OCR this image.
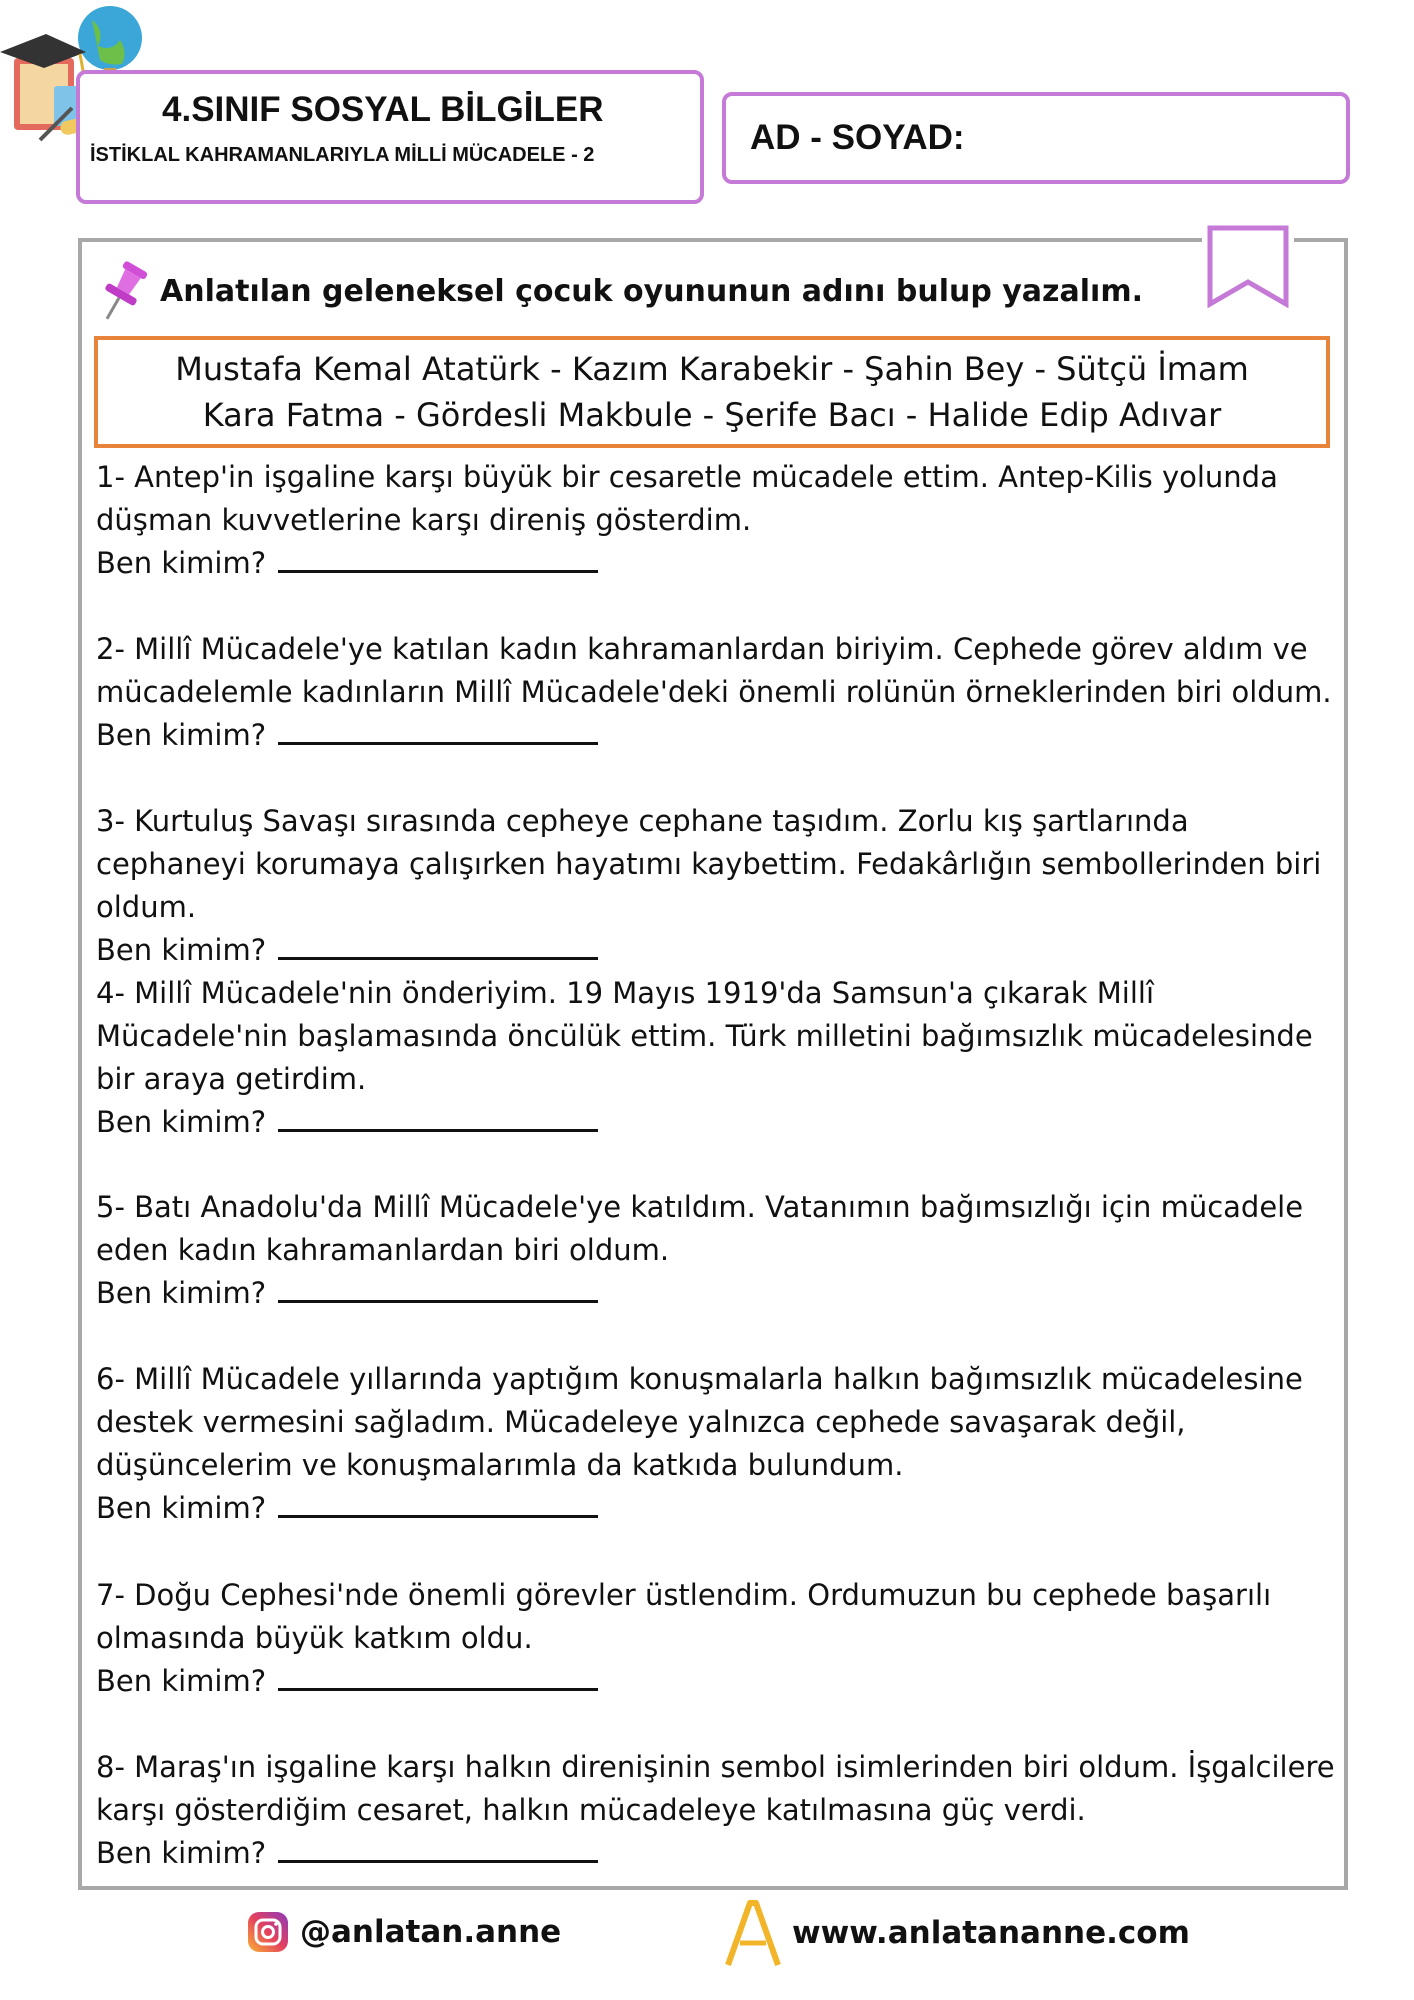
4.SINIF SOSYAL BİLGİLER
İSTİKLAL KAHRAMANLARIYLA MİLLİ MÜCADELE - 2	AD - SOYAD:
Anlatılan geleneksel çocuk oyununun adını bulup yazalım.
Mustafa Kemal Atatürk - Kazım Karabekir - Şahin Bey - Sütçü İmam
Kara Fatma - Gördesli Makbule - Şerife Bacı - Halide Edip Adıvar
1- Antep'in işgaline karşı büyük bir cesaretle mücadele ettim. Antep-Kilis yolunda düşman kuvvetlerine karşı direniş gösterdim.
Ben kimim?
2- Millî Mücadele'ye katılan kadın kahramanlardan biriyim. Cephede görev aldım ve mücadelemle kadınların Millî Mücadele'deki önemli rolünün örneklerinden biri oldum.
Ben kimim?
3- Kurtuluş Savaşı sırasında cepheye cephane taşıdım. Zorlu kış şartlarında cephaneyi korumaya çalışırken hayatımı kaybettim. Fedakârlığın sembollerinden biri oldum.
Ben kimim?
4- Millî Mücadele'nin önderiyim. 19 Mayıs 1919'da Samsun'a çıkarak Millî Mücadele'nin başlamasında öncülük ettim. Türk milletini bağımsızlık mücadelesinde bir araya getirdim.
Ben kimim?
5- Batı Anadolu'da Millî Mücadele'ye katıldım. Vatanımın bağımsızlığı için mücadele eden kadın kahramanlardan biri oldum.
Ben kimim?
6- Millî Mücadele yıllarında yaptığım konuşmalarla halkın bağımsızlık mücadelesine destek vermesini sağladım. Mücadeleye yalnızca cephede savaşarak değil, düşüncelerim ve konuşmalarımla da katkıda bulundum.
Ben kimim?
7- Doğu Cephesi'nde önemli görevler üstlendim. Ordumuzun bu cephede başarılı olmasında büyük katkım oldu.
Ben kimim?
8- Maraş'ın işgaline karşı halkın direnişinin sembol isimlerinden biri oldum. İşgalcilere karşı gösterdiğim cesaret, halkın mücadeleye katılmasına güç verdi.
Ben kimim?
@anlatan.anne	www.anlatananne.com
